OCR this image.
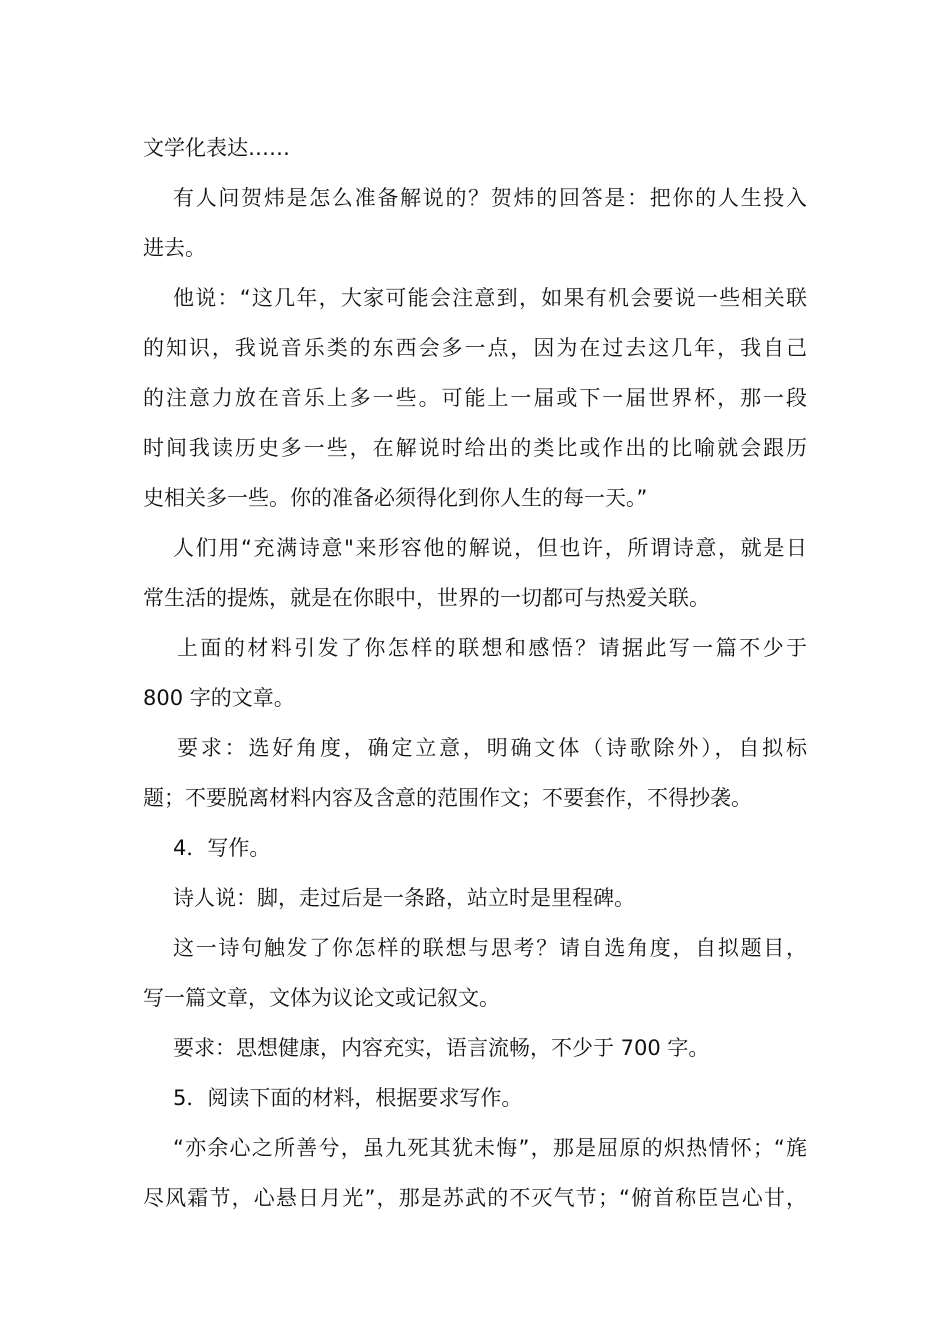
文学化表达……
有人问贺炜是怎么准备解说的？贺炜的回答是：把你的人生投入
进去。
他说：“这几年，大家可能会注意到，如果有机会要说一些相关联
的知识，我说音乐类的东西会多一点，因为在过去这几年，我自己
的注意力放在音乐上多一些。可能上一届或下一届世界杯，那一段
时间我读历史多一些，在解说时给出的类比或作出的比喻就会跟历
史相关多一些。你的准备必须得化到你人生的每一天。”
人们用“充满诗意"来形容他的解说，但也许，所谓诗意，就是日
常生活的提炼，就是在你眼中，世界的一切都可与热爱关联。
上面的材料引发了你怎样的联想和感悟？请据此写一篇不少于
800 字的文章。
要求：选好角度，确定立意，明确文体（诗歌除外），自拟标
题；不要脱离材料内容及含意的范围作文；不要套作，不得抄袭。
4．写作。
诗人说：脚，走过后是一条路，站立时是里程碑。
这一诗句触发了你怎样的联想与思考？请自选角度，自拟题目，
写一篇文章，文体为议论文或记叙文。
要求：思想健康，内容充实，语言流畅，不少于 700 字。
5．阅读下面的材料，根据要求写作。
“亦余心之所善兮，虽九死其犹未悔”，那是屈原的炽热情怀；“旄
尽风霜节，心悬日月光”，那是苏武的不灭气节；“俯首称臣岂心甘，
